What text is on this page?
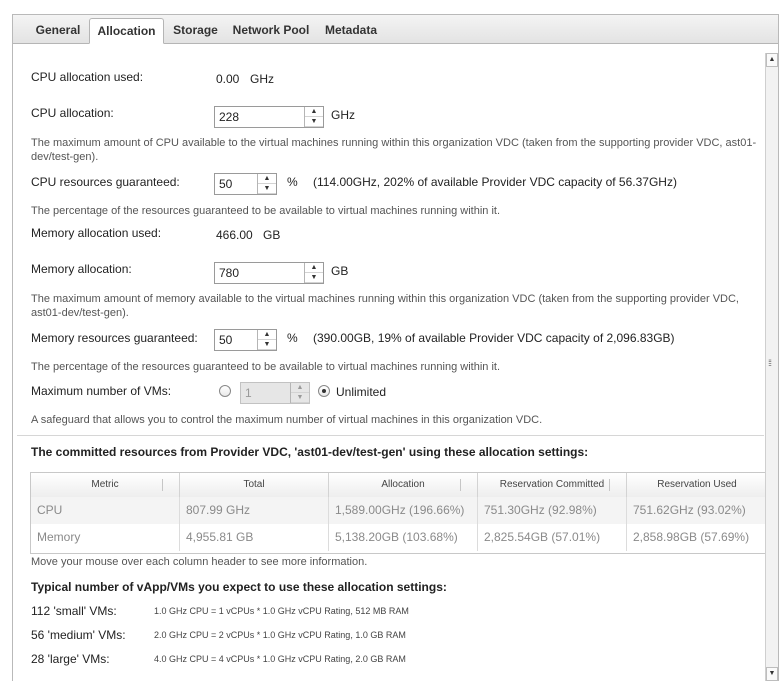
General	Allocation	Storage	Network Pool	Metadata
CPU allocation used:	0.00 GHz
CPU allocation:	228	▲
▼	GHz
The maximum amount of CPU available to the virtual machines running within this organization VDC (taken from the supporting provider VDC, ast01-dev/test-gen).
CPU resources guaranteed:	50	▲
▼	% (114.00GHz, 202% of available Provider VDC capacity of 56.37GHz)
The percentage of the resources guaranteed to be available to virtual machines running within it.
Memory allocation used:	466.00 GB
Memory allocation:	780	▲
▼	GB
The maximum amount of memory available to the virtual machines running within this organization VDC (taken from the supporting provider VDC, ast01-dev/test-gen).
Memory resources guaranteed: 50	▲
▼	% (390.00GB, 19% of available Provider VDC capacity of 2,096.83GB)
The percentage of the resources guaranteed to be available to virtual machines running within it.
Maximum number of VMs:	1	▲
▼	Unlimited
A safeguard that allows you to control the maximum number of virtual machines in this organization VDC.
The committed resources from Provider VDC, 'ast01-dev/test-gen' using these allocation settings:
Metric	Total	Allocation	Reservation Committed	Reservation Used
CPU	807.99 GHz	1,589.00GHz (196.66%)	751.30GHz (92.98%)	751.62GHz (93.02%)
Memory	4,955.81 GB	5,138.20GB (103.68%)	2,825.54GB (57.01%)	2,858.98GB (57.69%)
Move your mouse over each column header to see more information.
Typical number of vApp/VMs you expect to use these allocation settings:
112 'small' VMs:	1.0 GHz CPU = 1 vCPUs * 1.0 GHz vCPU Rating, 512 MB RAM
56 'medium' VMs:	2.0 GHz CPU = 2 vCPUs * 1.0 GHz vCPU Rating, 1.0 GB RAM
28 'large' VMs:	4.0 GHz CPU = 4 vCPUs * 1.0 GHz vCPU Rating, 2.0 GB RAM
▲
⁞⁞
▼
